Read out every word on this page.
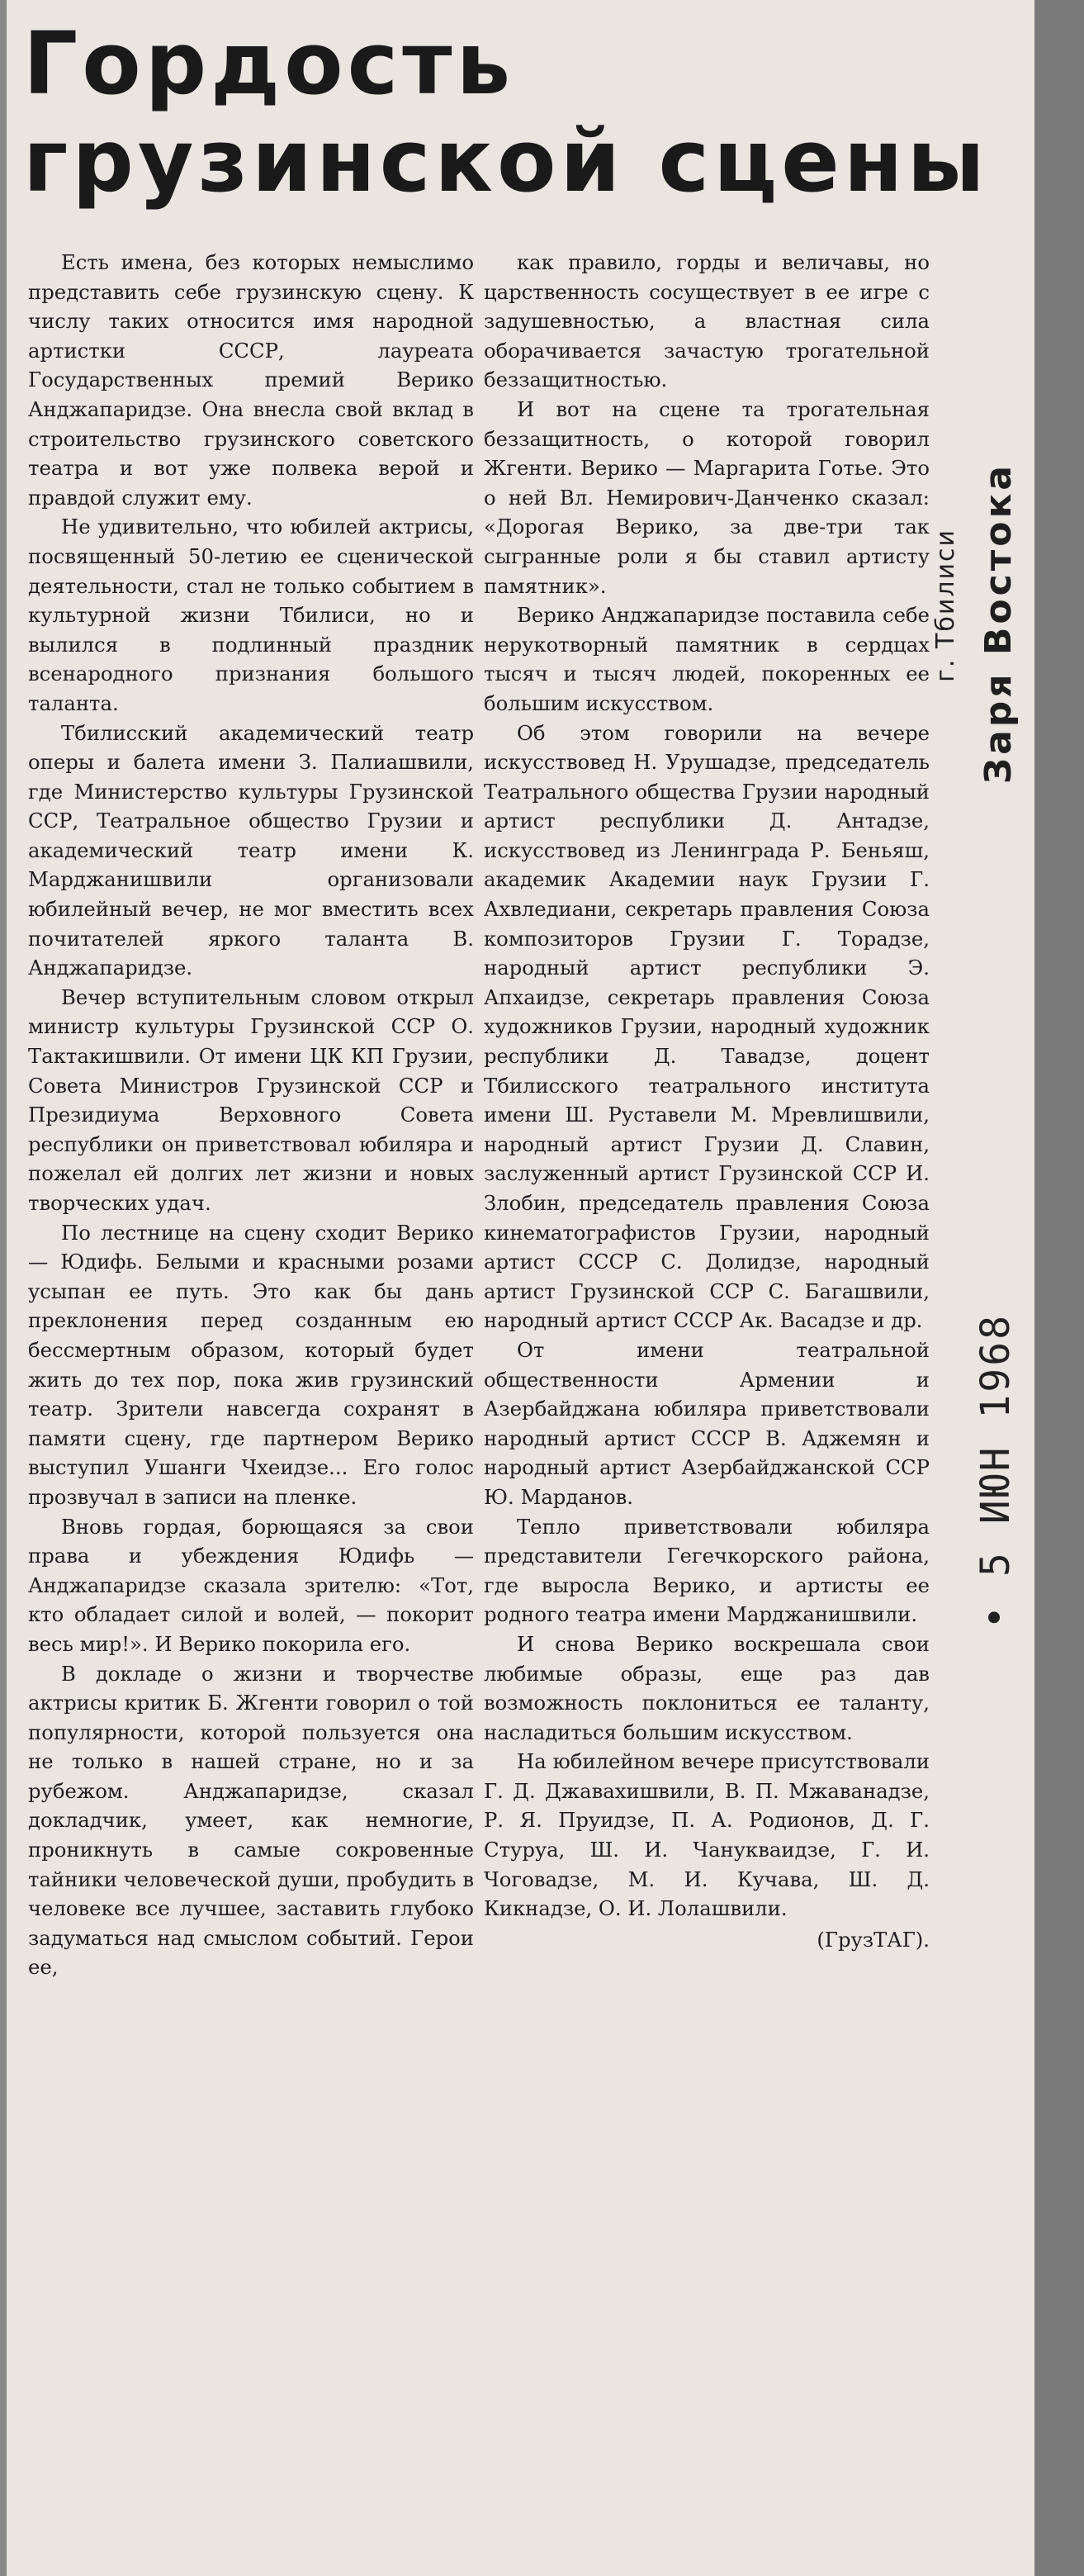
Гордость
грузинской сцены

Есть имена, без которых немыслимо представить себе грузинскую сцену. К числу таких относится имя народной артистки СССР, лауреата Государственных премий Верико Анджапаридзе. Она внесла свой вклад в строительство грузинского советского театра и вот уже полвека верой и правдой служит ему.

Не удивительно, что юбилей актрисы, посвященный 50-летию ее сценической деятельности, стал не только событием в культурной жизни Тбилиси, но и вылился в подлинный праздник всенародного признания большого таланта.

Тбилисский академический театр оперы и балета имени З. Палиашвили, где Министерство культуры Грузинской ССР, Театральное общество Грузии и академический театр имени К. Марджанишвили организовали юбилейный вечер, не мог вместить всех почитателей яркого таланта В. Анджапаридзе.

Вечер вступительным словом открыл министр культуры Грузинской ССР О. Тактакишвили. От имени ЦК КП Грузии, Совета Министров Грузинской ССР и Президиума Верховного Совета республики он приветствовал юбиляра и пожелал ей долгих лет жизни и новых творческих удач.

По лестнице на сцену сходит Верико — Юдифь. Белыми и красными розами усыпан ее путь. Это как бы дань преклонения перед созданным ею бессмертным образом, который будет жить до тех пор, пока жив грузинский театр. Зрители навсегда сохранят в памяти сцену, где партнером Верико выступил Ушанги Чхеидзе... Его голос прозвучал в записи на пленке.

Вновь гордая, борющаяся за свои права и убеждения Юдифь — Анджапаридзе сказала зрителю: «Тот, кто обладает силой и волей, — покорит весь мир!». И Верико покорила его.

В докладе о жизни и творчестве актрисы критик Б. Жгенти говорил о той популярности, которой пользуется она не только в нашей стране, но и за рубежом. Анджапаридзе, сказал докладчик, умеет, как немногие, проникнуть в самые сокровенные тайники человеческой души, пробудить в человеке все лучшее, заставить глубоко задуматься над смыслом событий. Герои ее,

как правило, горды и величавы, но царственность сосуществует в ее игре с задушевностью, а властная сила оборачивается зачастую трогательной беззащитностью.

И вот на сцене та трогательная беззащитность, о которой говорил Жгенти. Верико — Маргарита Готье. Это о ней Вл. Немирович-Данченко сказал: «Дорогая Верико, за две-три так сыгранные роли я бы ставил артисту памятник».

Верико Анджапаридзе поставила себе нерукотворный памятник в сердцах тысяч и тысяч людей, покоренных ее большим искусством.

Об этом говорили на вечере искусствовед Н. Урушадзе, председатель Театрального общества Грузии народный артист республики Д. Антадзе, искусствовед из Ленинграда Р. Беньяш, академик Академии наук Грузии Г. Ахвледиани, секретарь правления Союза композиторов Грузии Г. Торадзе, народный артист республики Э. Апхаидзе, секретарь правления Союза художников Грузии, народный художник республики Д. Тавадзе, доцент Тбилисского театрального института имени Ш. Руставели М. Мревлишвили, народный артист Грузии Д. Славин, заслуженный артист Грузинской ССР И. Злобин, председатель правления Союза кинематографистов Грузии, народный артист СССР С. Долидзе, народный артист Грузинской ССР С. Багашвили, народный артист СССР Ак. Васадзе и др.

От имени театральной общественности Армении и Азербайджана юбиляра приветствовали народный артист СССР В. Аджемян и народный артист Азербайджанской ССР Ю. Марданов.

Тепло приветствовали юбиляра представители Гегечкорского района, где выросла Верико, и артисты ее родного театра имени Марджанишвили.

И снова Верико воскрешала свои любимые образы, еще раз дав возможность поклониться ее таланту, насладиться большим искусством.

На юбилейном вечере присутствовали Г. Д. Джавахишвили, В. П. Мжаванадзе, Р. Я. Пруидзе, П. А. Родионов, Д. Г. Стуруа, Ш. И. Чанукваидзе, Г. И. Чоговадзе, М. И. Кучава, Ш. Д. Кикнадзе, О. И. Лолашвили.

(ГрузТАГ).

Заря Востока
г. Тбилиси
• 5 ИЮН 1968
